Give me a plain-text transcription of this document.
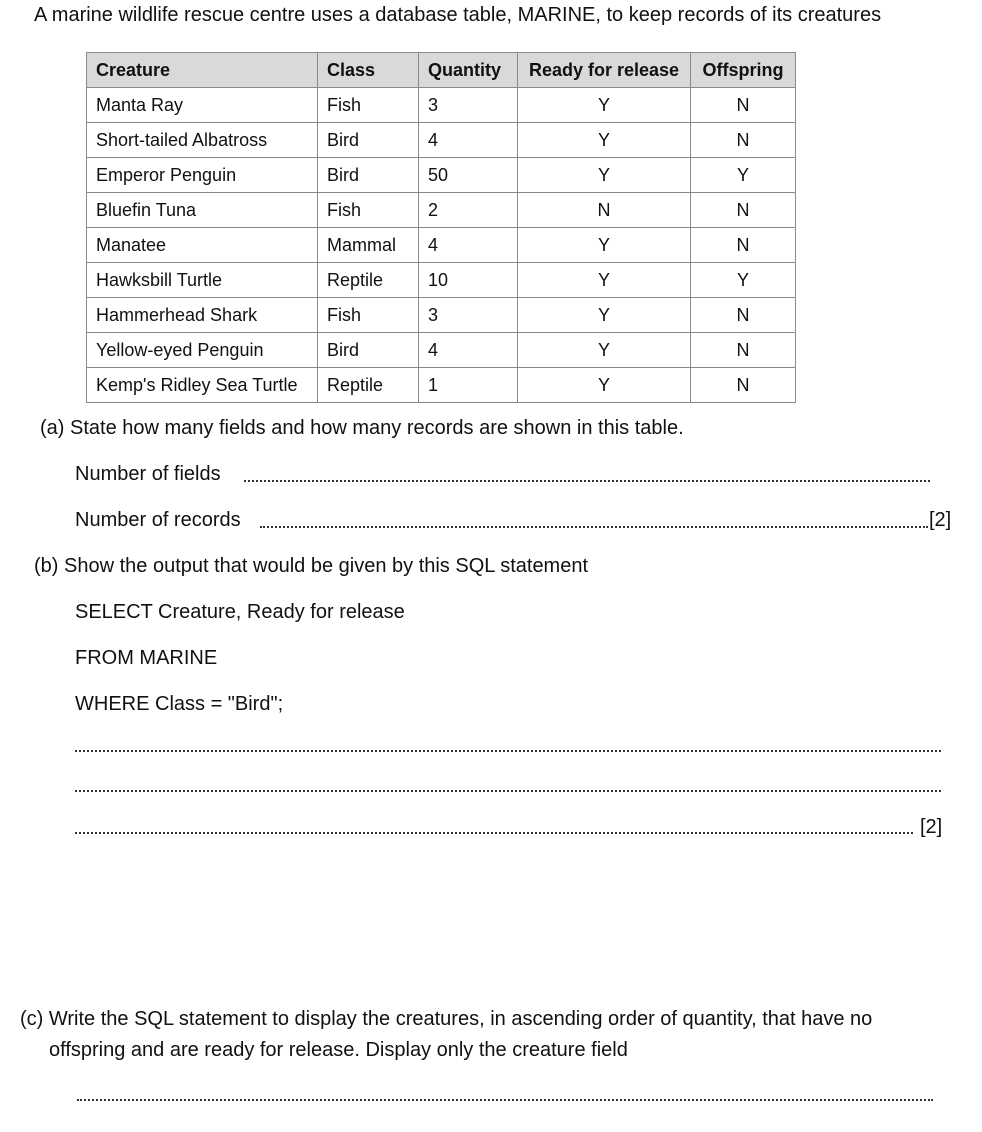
A marine wildlife rescue centre uses a database table, MARINE, to keep records of its creatures
Creature	Class	Quantity	Ready for release	Offspring
Manta Ray	Fish	3	Y	N
Short-tailed Albatross	Bird	4	Y	N
Emperor Penguin	Bird	50	Y	Y
Bluefin Tuna	Fish	2	N	N
Manatee	Mammal	4	Y	N
Hawksbill Turtle	Reptile	10	Y	Y
Hammerhead Shark	Fish	3	Y	N
Yellow-eyed Penguin	Bird	4	Y	N
Kemp's Ridley Sea Turtle	Reptile	1	Y	N
(a) State how many fields and how many records are shown in this table.
Number of fields
Number of records	[2]
(b) Show the output that would be given by this SQL statement
SELECT Creature, Ready for release
FROM MARINE
WHERE Class = "Bird";
[2]
(c) Write the SQL statement to display the creatures, in ascending order of quantity, that have no
offspring and are ready for release. Display only the creature field
